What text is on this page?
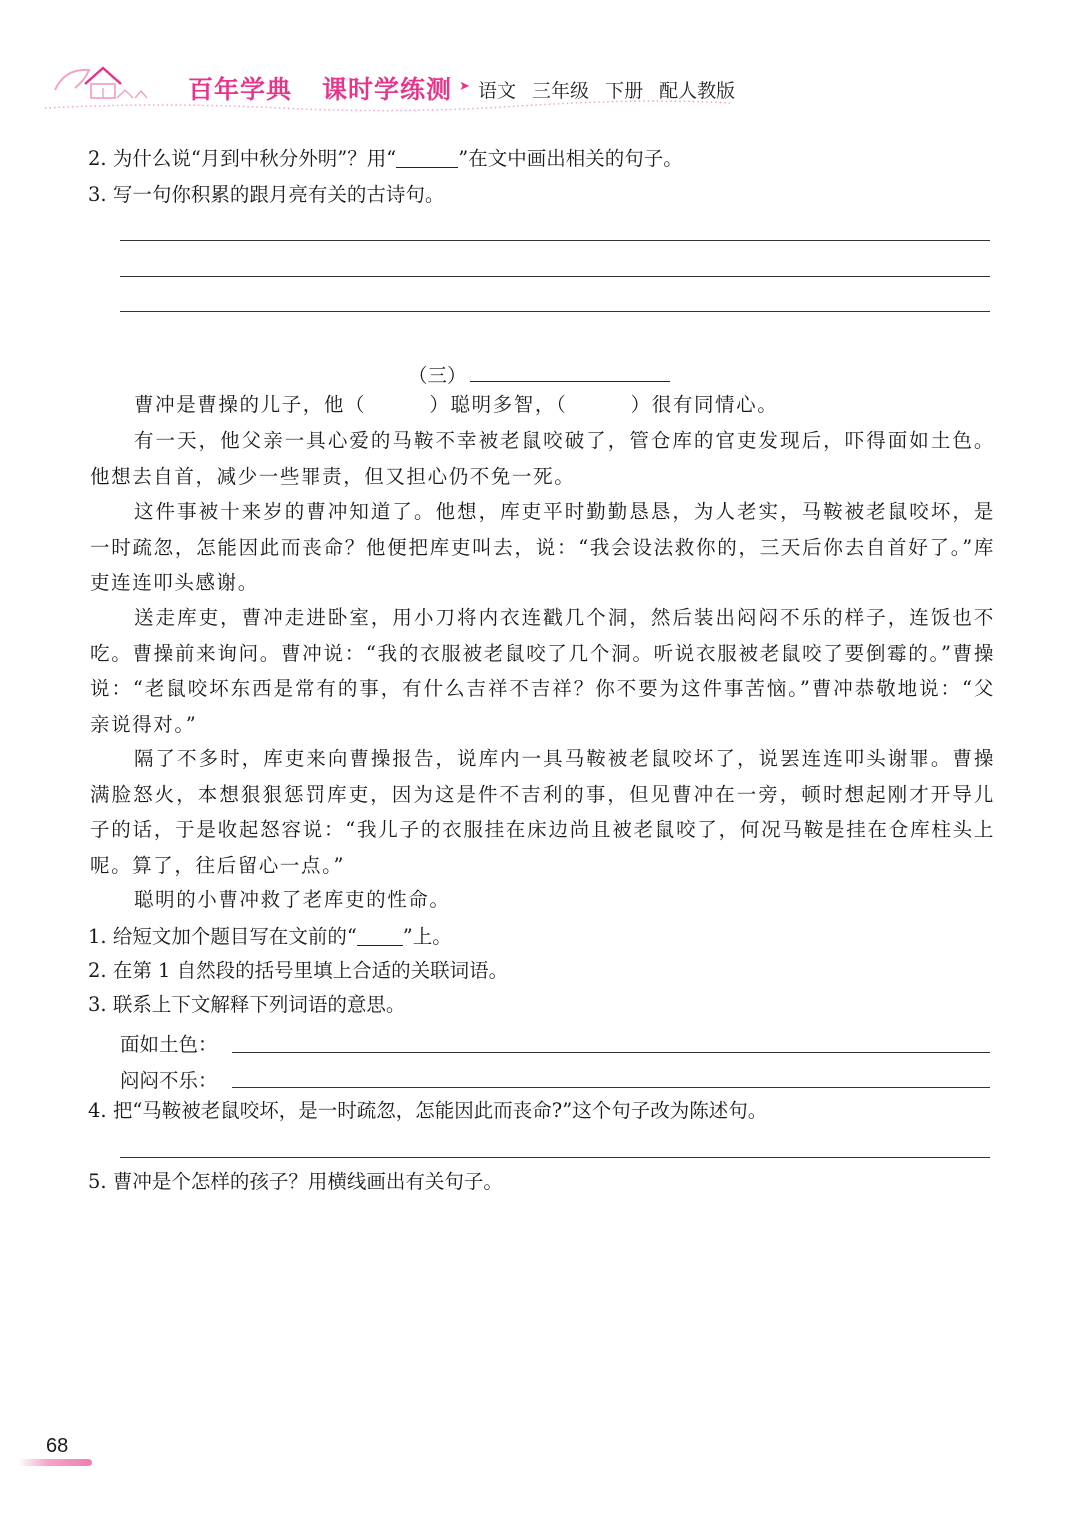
百年学典 课时学练测 ➤ 语文 三年级 下册 配人教版
2. 为什么说“月到中秋分外明”？用“	”在文中画出相关的句子。
3. 写一句你积累的跟月亮有关的古诗句。
（三）
曹冲是曹操的儿子，他（　　　）聪明多智，（　　　）很有同情心。
有一天，他父亲一具心爱的马鞍不幸被老鼠咬破了，管仓库的官吏发现后，吓得面如土色。他想去自首，减少一些罪责，但又担心仍不免一死。
这件事被十来岁的曹冲知道了。他想，库吏平时勤勤恳恳，为人老实，马鞍被老鼠咬坏，是一时疏忽，怎能因此而丧命？他便把库吏叫去，说：“我会设法救你的，三天后你去自首好了。”库吏连连叩头感谢。
送走库吏，曹冲走进卧室，用小刀将内衣连戳几个洞，然后装出闷闷不乐的样子，连饭也不吃。曹操前来询问。曹冲说：“我的衣服被老鼠咬了几个洞。听说衣服被老鼠咬了要倒霉的。”曹操说：“老鼠咬坏东西是常有的事，有什么吉祥不吉祥？你不要为这件事苦恼。”曹冲恭敬地说：“父亲说得对。”
隔了不多时，库吏来向曹操报告，说库内一具马鞍被老鼠咬坏了，说罢连连叩头谢罪。曹操满脸怒火，本想狠狠惩罚库吏，因为这是件不吉利的事，但见曹冲在一旁，顿时想起刚才开导儿子的话，于是收起怒容说：“我儿子的衣服挂在床边尚且被老鼠咬了，何况马鞍是挂在仓库柱头上呢。算了，往后留心一点。”
聪明的小曹冲救了老库吏的性命。
1. 给短文加个题目写在文前的“ ”上。
2. 在第 1 自然段的括号里填上合适的关联词语。
3. 联系上下文解释下列词语的意思。
面如土色：
闷闷不乐：
4. 把“马鞍被老鼠咬坏，是一时疏忽，怎能因此而丧命?”这个句子改为陈述句。
5. 曹冲是个怎样的孩子？用横线画出有关句子。
68
